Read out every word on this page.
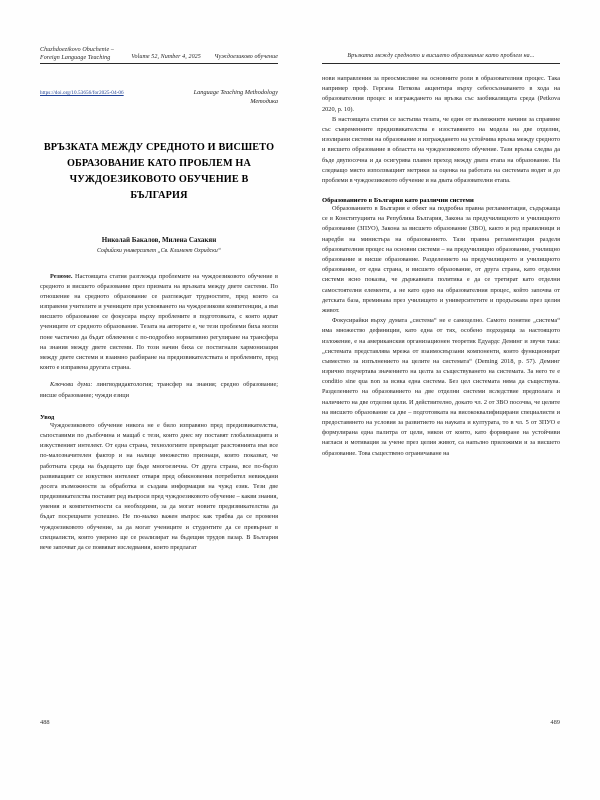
Chuzhdoezikovo Obuchenie – Foreign Language Teaching	Volume 52, Number 4, 2025	Чуждоезиково обучение
https://doi.org/10.53656/for2025-04-06	Language Teaching Methodology
Методика
ВРЪЗКАТА МЕЖДУ СРЕДНОТО И ВИСШЕТО ОБРАЗОВАНИЕ КАТО ПРОБЛЕМ НА ЧУЖДОЕЗИКОВОТО ОБУЧЕНИЕ В БЪЛГАРИЯ
Николай Бакалов, Милена Сахакян
Софийски университет „Св. Климент Охридски“
Резюме. Настоящата статия разглежда проблемите на чуждоезиковото обучение в средното и висшето образование през призмата на връзката между двете системи. По отношение на средното образование се разглеждат трудностите, пред които са изправени учителите и учениците при усвояването на чуждоезикови компетенции, а във висшето образование се фокусира върху проблемите в подготовката, с която идват учениците от средното образование. Тезата на авторите е, че тези проблеми биха могли поне частично да бъдат облекчени с по-подробно нормативно регулиране на трансфера на знания между двете системи. По този начин биха се постигнали хармонизация между двете системи и взаимно разбиране на предизвикателствата и проблемите, пред които е изправена другата страна.
Ключови думи: лингводидактология; трансфер на знания; средно образование; висше образование; чужди езици
Увод

Чуждоезиковото обучение никога не е било изправяно пред предизвикателства, съпоставими по дълбочина и мащаб с тези, които днес му поставят глобализацията и изкуственият интелект. От една страна, технологиите превръщат разстоянията във все по-малозначителен фактор и на налице множество признаци, които показват, че работната среда на бъдещето ще бъде многоезична. От друга страна, все по-бързо развиващият се изкуствен интелект отваря пред обикновения потребител невиждани досега възможности за обработка и създава информация на чужд език. Тези две предизвикателства поставят ред въпроси пред чуждоезиковото обучение – какви знания, умения и компетентности са необходими, за да могат новите предизвикателства да бъдат посрещнати успешно. Не по-малко важен въпрос как трябва да се променя чуждоезиковото обучение, за да могат учениците и студентите да се превърнат в специалисти, които уверено ще се реализират на бъдещия трудов пазар. В България вече започват да се появяват изследвания, които предлагат

488
Връзката между средното и висшето образование като проблем на...

нови направления за преосмисляне на основните роли в образователния процес. Така например проф. Гергана Петкова акцентира върху себеосъзнаването в хода на образователния процес и изграждането на връзка със заобикалящата среда (Petkova 2020, p. 10).

В настоящата статия се застъпва тезата, че един от възможните начини за справяне със съвременните предизвикателства е изоставянето на модела на две отделни, изолирани системи на образование и изграждането на устойчива връзка между средното и висшето образование в областта на чуждоезиковото обучение. Тази връзка следва да бъде двупосочна и да осигурява плавен преход между двата етапа на образование. На следващо място използващият метрики за оценка на работата на системата водят и до проблеми в чуждоезиковото обучение и на двата образователни етапа.

Образованието в България като различни системи

Образованието в България е обект на подробна правна регламентация, съдържаща се в Конституцията на Република България, Закона за предучилищното и училищното образование (ЗПУО), Закона за висшето образование (ЗВО), както и ред правилници и наредби на министъра на образованието. Тази правна регламентация разделя образователния процес на основни системи – на предучилищно образование, училищно образование и висше образование. Разделението на предучилищното и училищното образование, от една страна, и висшето образование, от друга страна, като отделни системи ясно показва, че държавната политика е да се третират като отделни самостоятелни елементи, а не като едно на образователния процес, който започва от детската база, преминава през училището и университетите и продължава през целия живот.

Фокусирайки върху думата „система“ не е самоцелно. Самото понятие „система“ има множество дефиниции, като една от тях, особено подходяща за настоящото изложение, е на американския организационен теоретик Едуардс Деминг и звучи така: „системата представлява мрежа от взаимосвързани компоненти, които функционират съвместно за изпълнението на целите на системата“ (Deming 2018, p. 57). Деминг изрично подчертава значението на целта за съществуването на системата. За него те е conditio sine qua non за всяка една система. Без цел системата няма да съществува. Разделението на образованието на две отделни системи вследствие предполага и наличието на две отделни цели. И действително, докато чл. 2 от ЗВО посочва, че целите на висшето образование са две – подготовката на висококвалифицирани специалисти и предоставянето на условия за развитието на науката и културата, то в чл. 5 от ЗПУО е формулирана една палитра от цели, някои от които, като формиране на устойчиви нагласи и мотивация за учене през целия живот, са напълно приложими и за висшето образование. Това съществено ограничаване на

489
